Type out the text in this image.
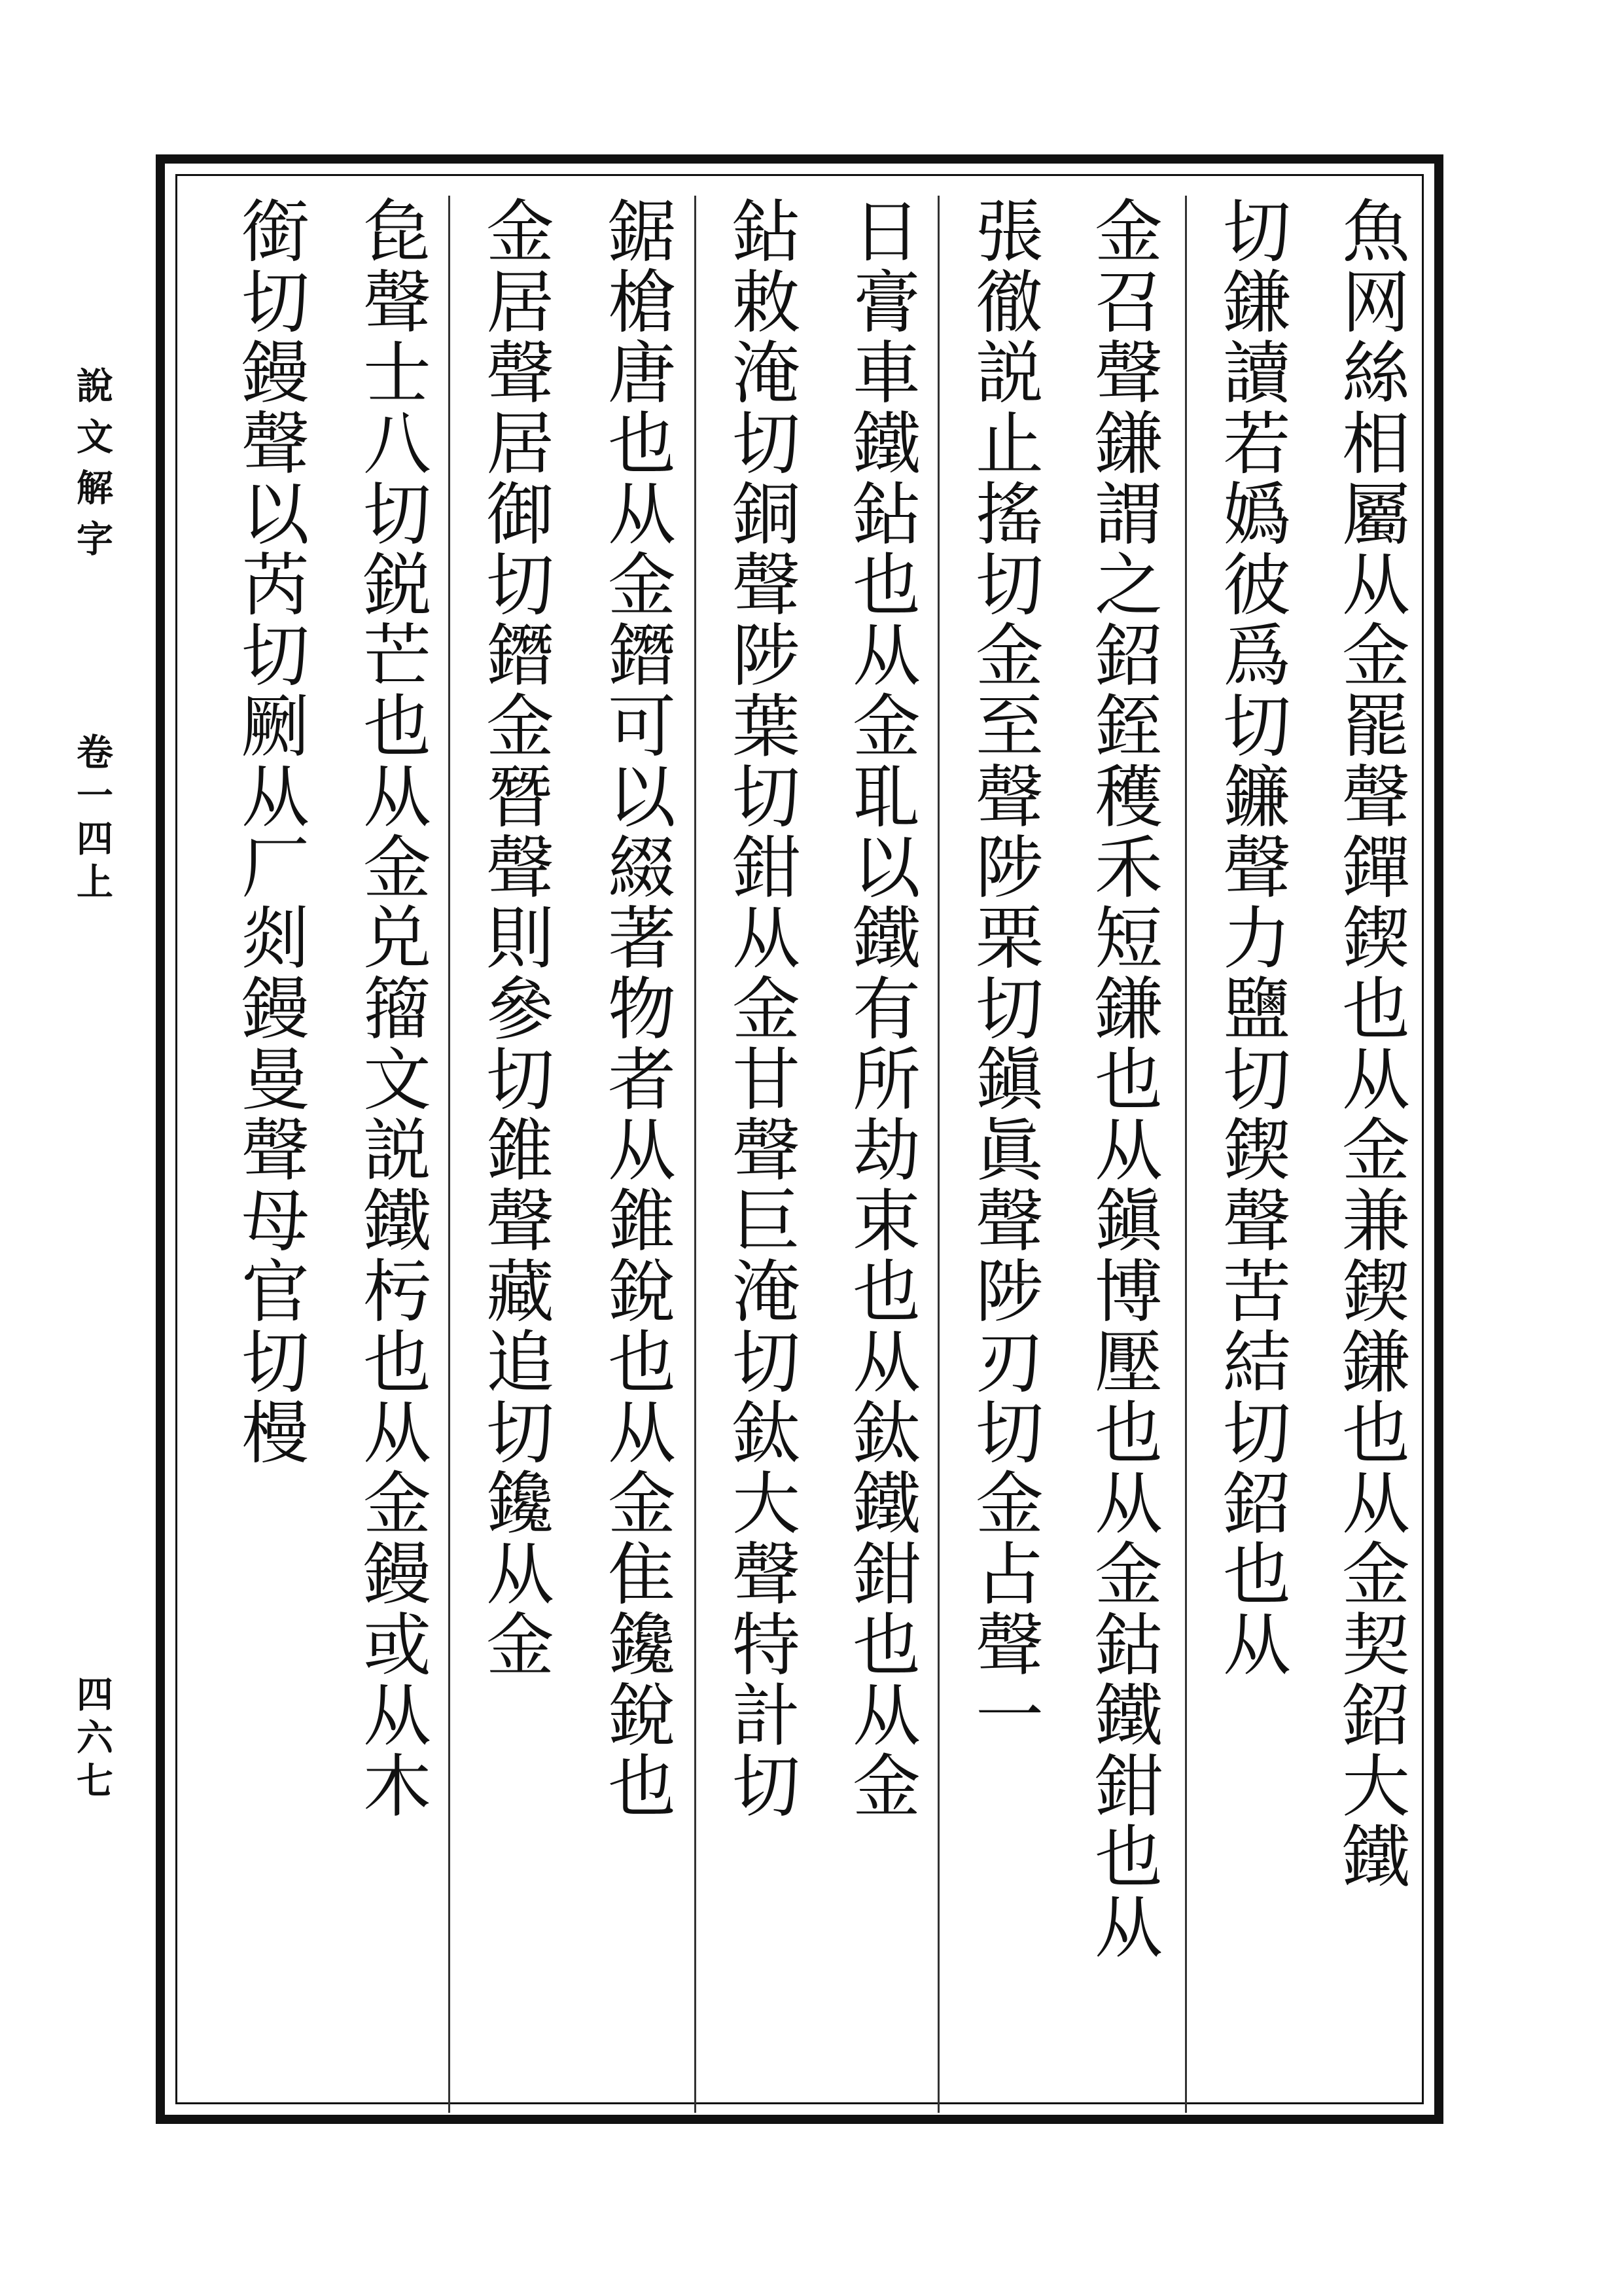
魚网絲相屬从金罷聲𨭐鍥也从金兼鍥鎌也从金契鉊大鐵
切鎌讀若嬀彼爲切鐮聲力鹽切鍥聲苦結切鉊也从
金召聲鎌謂之鉊銍穫禾短鎌也从鎭博壓也从金鈷鐵鉗也从
張徹説止搖切金至聲陟栗切鎭眞聲陟刃切金占聲一
日膏車鐵鉆也从金耴以鐵有所劫束也从鈦鐵鉗也从金
鉆敕淹切銅聲陟葉切鉗从金甘聲巨淹切鈦大聲特計切
鋸槍唐也从金鐕可以綴著物者从錐銳也从金隹鑱銳也
金居聲居御切鐕金朁聲則參切錐聲藏追切鑱从金
㲋聲士八切鋭芒也从金兑籀文説鐵杇也从金鏝或从木
銜切鏝聲以芮切劂从厂剡鏝曼聲母官切槾
說文解字
卷一四上
四六七
